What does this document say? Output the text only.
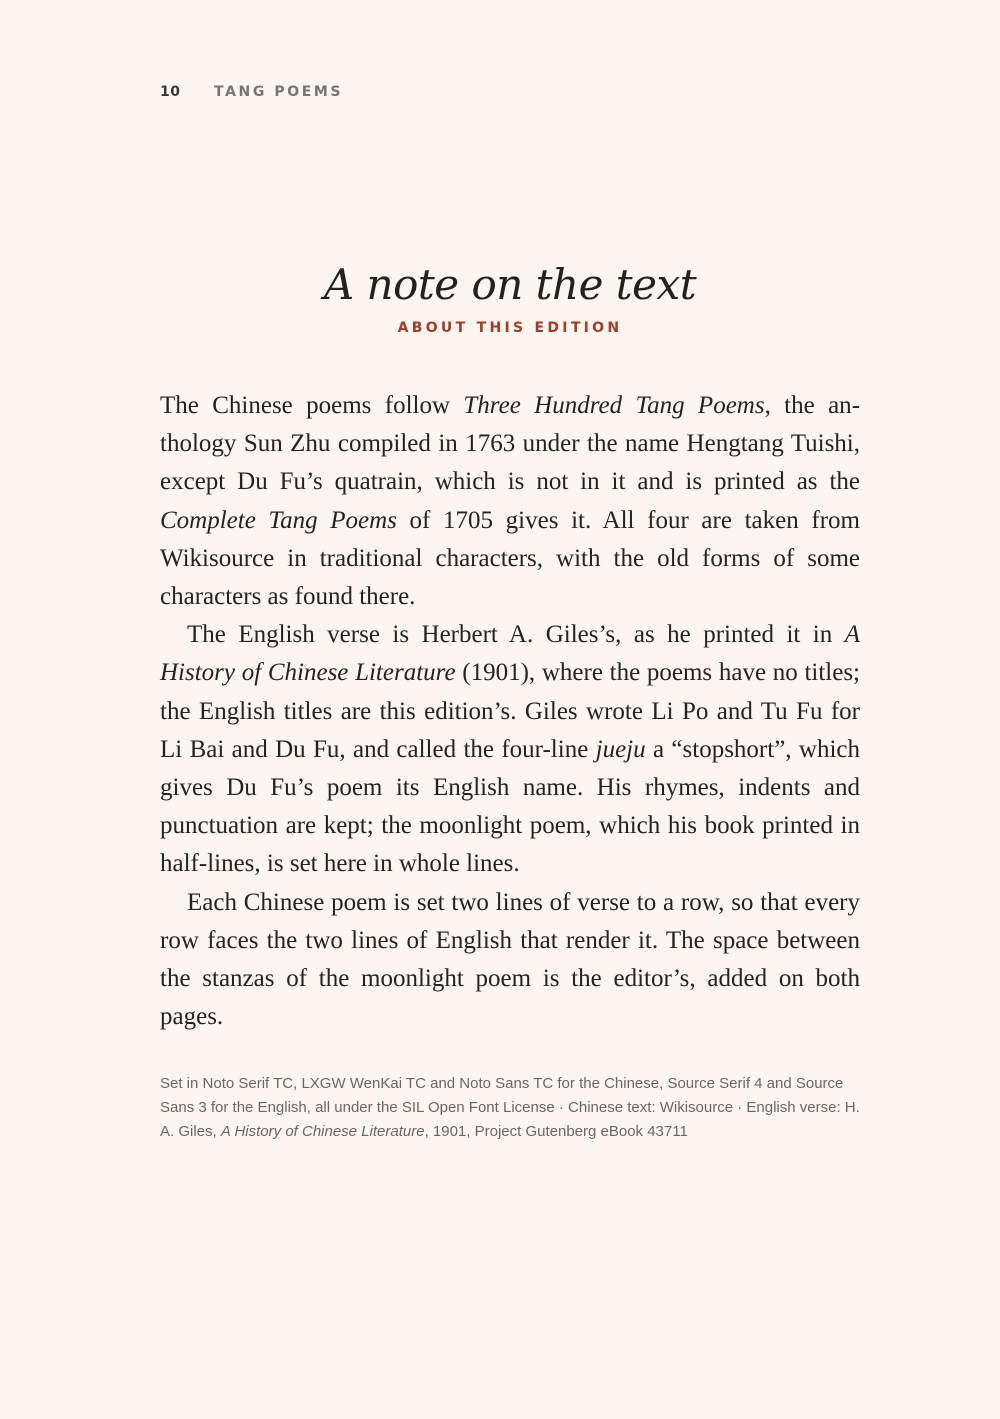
10	TANG POEMS
A note on the text
ABOUT THIS EDITION

The Chinese poems follow Three Hundred Tang Poems, the anthology Sun Zhu compiled in 1763 under the name Hengtang Tuishi, except Du Fu’s quatrain, which is not in it and is printed as the Complete Tang Poems of 1705 gives it. All four are taken from Wikisource in traditional characters, with the old forms of some characters as found there.

The English verse is Herbert A. Giles’s, as he printed it in A History of Chinese Literature (1901), where the poems have no titles; the English titles are this edition’s. Giles wrote Li Po and Tu Fu for Li Bai and Du Fu, and called the four-line jueju a “stopshort”, which gives Du Fu’s poem its English name. His rhymes, indents and punctuation are kept; the moonlight poem, which his book printed in half-lines, is set here in whole lines.

Each Chinese poem is set two lines of verse to a row, so that every row faces the two lines of English that render it. The space between the stanzas of the moonlight poem is the editor’s, added on both pages.

Set in Noto Serif TC, LXGW WenKai TC and Noto Sans TC for the Chinese, Source Serif 4 and Source Sans 3 for the English, all under the SIL Open Font License · Chinese text: Wikisource · English verse: H. A. Giles, A History of Chinese Literature, 1901, Project Gutenberg eBook 43711
